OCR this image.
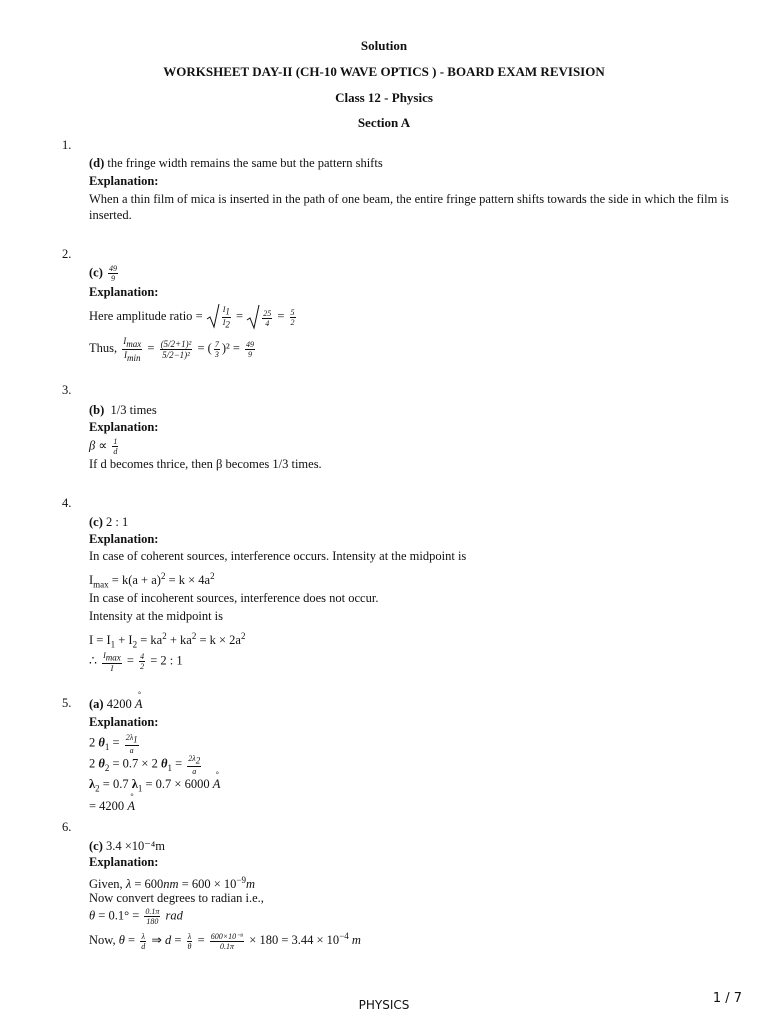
Solution
WORKSHEET DAY-II (CH-10 WAVE OPTICS ) - BOARD EXAM REVISION
Class 12 - Physics
Section A
1.
(d) the fringe width remains the same but the pattern shifts
Explanation:
When a thin film of mica is inserted in the path of one beam, the entire fringe pattern shifts towards the side in which the film is inserted.
2.
$(c) \frac{49}{9}$
Explanation:
Here amplitude ratio = $\frac{I_1}{I_2} = \frac{25}{4} = \frac{5}{2}$
Thus, $\frac{I_{max}}{I_{min}} = \frac{\text{(5/2+1)²}}{\text{5/2−1)²}}$ = ( $\frac{7}{3} )^2 = \frac{49}{9}$
3.
(b) 1/3 times
Explanation:
$\beta \propto \frac{1}{d}$
If d becomes thrice, then β becomes 1/3 times.
4.
(c) 2 : 1
Explanation:
In case of coherent sources, interference occurs. Intensity at the midpoint is
$I_{max} = k(a + a)^2 = k \times 4a^2$
In case of incoherent sources, interference does not occur.
Intensity at the midpoint is
$I = I_1 + I_2 = ka^2 + ka^2 = k \times 2a^2$
∴ $\frac{I_{max}}{I} = \frac{4}{2} = 2$ : 1
5. (a) 4200 ° A
Explanation:
2 $\theta_1 = \frac{2\lambda_1}{a}$
2 $\theta_2 = 0.7 \times 2$ $\theta_1 = \frac{2\lambda_2}{a}$
$\lambda_2 = 0.7$ $\lambda_1 = 0.7 \times 6000$ ° A
= 4200 ° A
6.
(c) 3.4 ×10⁻⁴m
Explanation:
Given, $\lambda = 600nm = 600 \times 10^{-9}m$
Now convert degrees to radian i.e.,
$\theta = 0.1^\circ = \frac{0.1\pi}{180}$ rad
Now, $\theta = \frac{\lambda}{d}$ ⇒ $d = \frac{\lambda}{\theta} = \frac{\text{600×10⁻⁹}}{0.1\pi} \times 180 = 3.44 \times 10^{-4}$ m
PHYSICS	1 / 7
